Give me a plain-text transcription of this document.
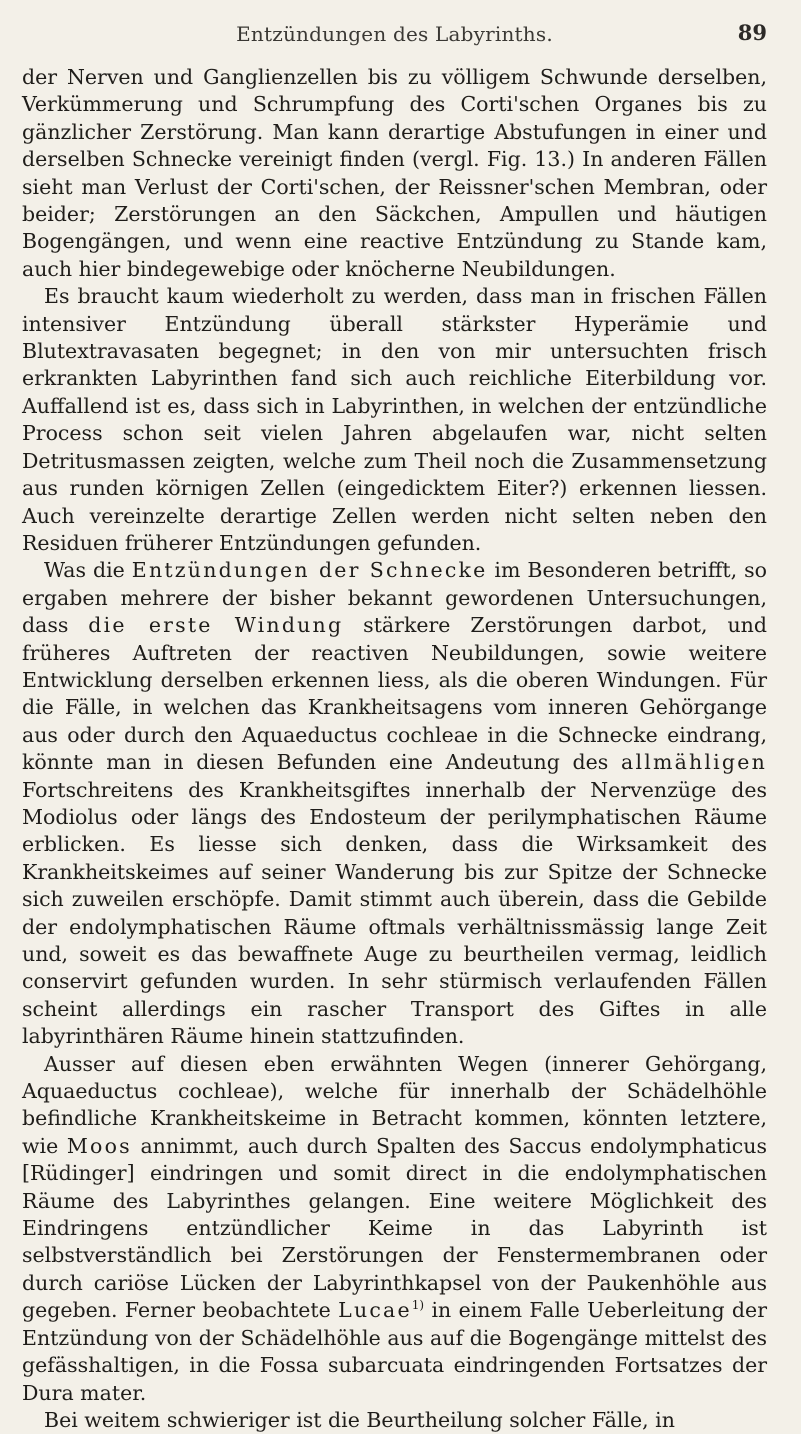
Entzündungen des Labyrinths.	89

der Nerven und Ganglienzellen bis zu völligem Schwunde derselben, Verkümmerung und Schrumpfung des Corti'schen Organes bis zu gänzlicher Zerstörung. Man kann derartige Abstufungen in einer und derselben Schnecke vereinigt finden (vergl. Fig. 13.) In anderen Fällen sieht man Verlust der Corti'schen, der Reissner'schen Membran, oder beider; Zerstörungen an den Säckchen, Ampullen und häutigen Bogengängen, und wenn eine reactive Entzündung zu Stande kam, auch hier bindegewebige oder knöcherne Neubildungen.

Es braucht kaum wiederholt zu werden, dass man in frischen Fällen intensiver Entzündung überall stärkster Hyperämie und Blutextravasaten begegnet; in den von mir untersuchten frisch erkrankten Labyrinthen fand sich auch reichliche Eiterbildung vor. Auffallend ist es, dass sich in Labyrinthen, in welchen der entzündliche Process schon seit vielen Jahren abgelaufen war, nicht selten Detritusmassen zeigten, welche zum Theil noch die Zusammensetzung aus runden körnigen Zellen (eingedicktem Eiter?) erkennen liessen. Auch vereinzelte derartige Zellen werden nicht selten neben den Residuen früherer Entzündungen gefunden.

Was die Entzündungen der Schnecke im Besonderen betrifft, so ergaben mehrere der bisher bekannt gewordenen Untersuchungen, dass die erste Windung stärkere Zerstörungen darbot, und früheres Auftreten der reactiven Neubildungen, sowie weitere Entwicklung derselben erkennen liess, als die oberen Windungen. Für die Fälle, in welchen das Krankheitsagens vom inneren Gehörgange aus oder durch den Aquaeductus cochleae in die Schnecke eindrang, könnte man in diesen Befunden eine Andeutung des allmähligen Fortschreitens des Krankheitsgiftes innerhalb der Nervenzüge des Modiolus oder längs des Endosteum der perilymphatischen Räume erblicken. Es liesse sich denken, dass die Wirksamkeit des Krankheitskeimes auf seiner Wanderung bis zur Spitze der Schnecke sich zuweilen erschöpfe. Damit stimmt auch überein, dass die Gebilde der endolymphatischen Räume oftmals verhältnissmässig lange Zeit und, soweit es das bewaffnete Auge zu beurtheilen vermag, leidlich conservirt gefunden wurden. In sehr stürmisch verlaufenden Fällen scheint allerdings ein rascher Transport des Giftes in alle labyrinthären Räume hinein stattzufinden.

Ausser auf diesen eben erwähnten Wegen (innerer Gehörgang, Aquaeductus cochleae), welche für innerhalb der Schädelhöhle befindliche Krankheitskeime in Betracht kommen, könnten letztere, wie Moos annimmt, auch durch Spalten des Saccus endolymphaticus [Rüdinger] eindringen und somit direct in die endolymphatischen Räume des Labyrinthes gelangen. Eine weitere Möglichkeit des Eindringens entzündlicher Keime in das Labyrinth ist selbstverständlich bei Zerstörungen der Fenstermembranen oder durch cariöse Lücken der Labyrinthkapsel von der Paukenhöhle aus gegeben. Ferner beobachtete Lucae$^{1)}$ in einem Falle Ueberleitung der Entzündung von der Schädelhöhle aus auf die Bogengänge mittelst des gefässhaltigen, in die Fossa subarcuata eindringenden Fortsatzes der Dura mater.

Bei weitem schwieriger ist die Beurtheilung solcher Fälle, in
